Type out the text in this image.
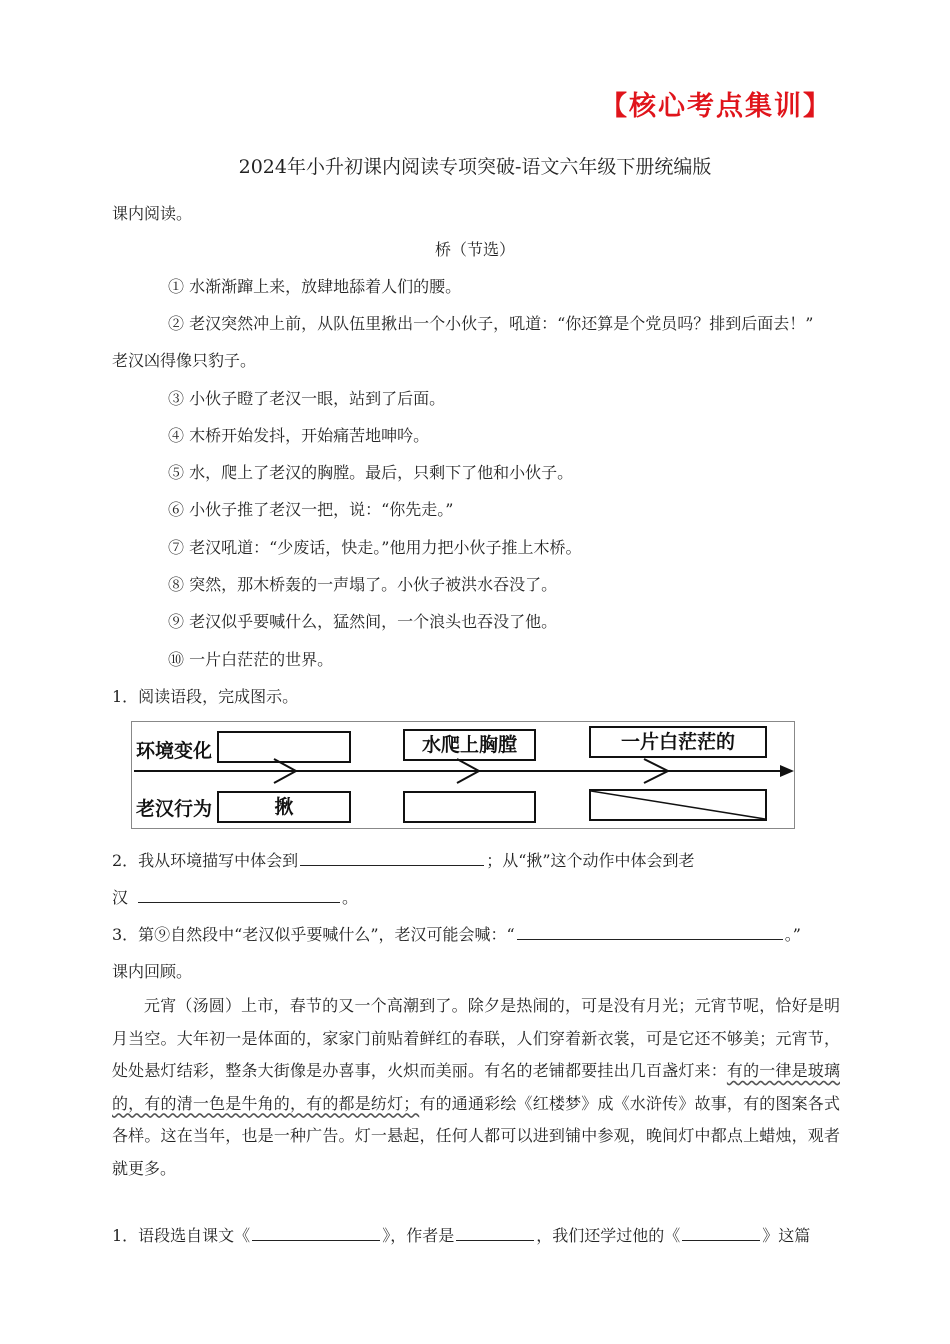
【核心考点集训】
2024年小升初课内阅读专项突破-语文六年级下册统编版
课内阅读。
桥（节选）
① 水渐渐蹿上来，放肆地舔着人们的腰。
② 老汉突然冲上前，从队伍里揪出一个小伙子，吼道：“你还算是个党员吗？排到后面去！”
老汉凶得像只豹子。
③ 小伙子瞪了老汉一眼，站到了后面。
④ 木桥开始发抖，开始痛苦地呻吟。
⑤ 水，爬上了老汉的胸膛。最后，只剩下了他和小伙子。
⑥ 小伙子推了老汉一把，说：“你先走。”
⑦ 老汉吼道：“少废话，快走。”他用力把小伙子推上木桥。
⑧ 突然，那木桥轰的一声塌了。小伙子被洪水吞没了。
⑨ 老汉似乎要喊什么，猛然间，一个浪头也吞没了他。
⑩ 一片白茫茫的世界。
1．阅读语段，完成图示。
环境变化
老汉行为
水爬上胸膛	一片白茫茫的
揪
2．我从环境描写中体会到	；从“揪”这个动作中体会到老
汉	。
3．第⑨自然段中“老汉似乎要喊什么”，老汉可能会喊：“	。”
课内回顾。
元宵（汤圆）上市，春节的又一个高潮到了。除夕是热闹的，可是没有月光；元宵节呢，恰好是明月当空。大年初一是体面的，家家门前贴着鲜红的春联，人们穿着新衣裳，可是它还不够美；元宵节，处处悬灯结彩，整条大街像是办喜事，火炽而美丽。有名的老铺都要挂出几百盏灯来：有的一律是玻璃的，有的清一色是牛角的，有的都是纺灯；有的通通彩绘《红楼梦》成《水浒传》故事，有的图案各式各样。这在当年，也是一种广告。灯一悬起，任何人都可以进到铺中参观，晚间灯中都点上蜡烛，观者就更多。
1．语段选自课文《	》，作者是	，我们还学过他的《	》这篇
